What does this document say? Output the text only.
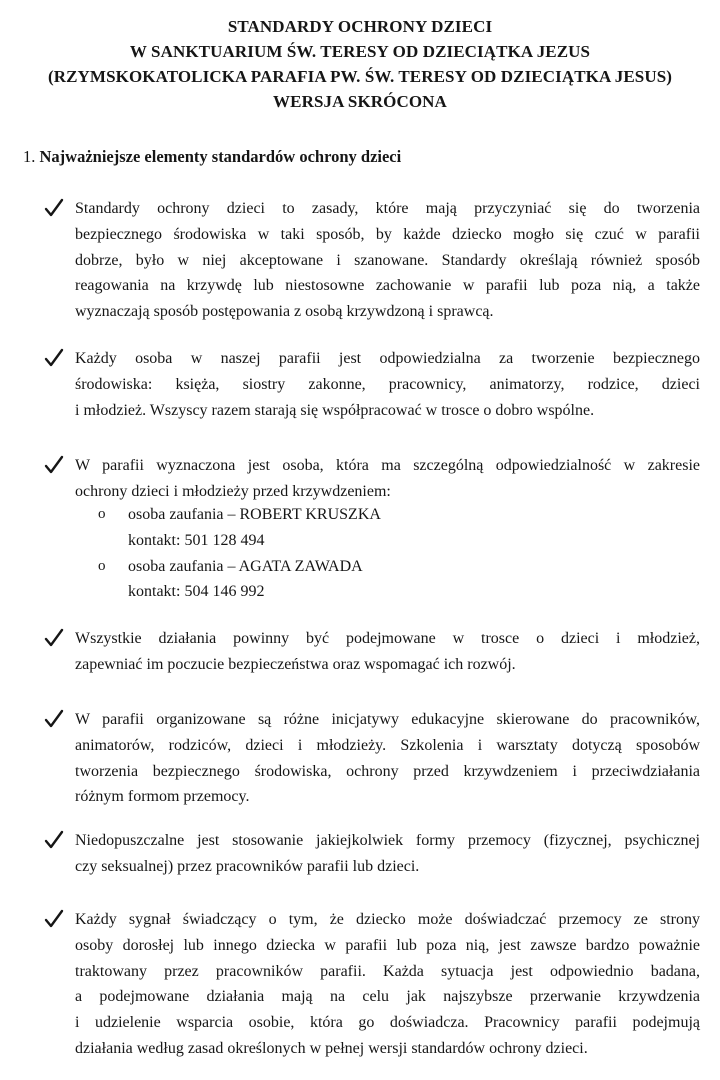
STANDARDY OCHRONY DZIECI
W SANKTUARIUM ŚW. TERESY OD DZIECIĄTKA JEZUS
(RZYMSKOKATOLICKA PARAFIA PW. ŚW. TERESY OD DZIECIĄTKA JESUS)
WERSJA SKRÓCONA
1. Najważniejsze elementy standardów ochrony dzieci
Standardy ochrony dzieci to zasady, które mają przyczyniać się do tworzenia
bezpiecznego środowiska w taki sposób, by każde dziecko mogło się czuć w parafii
dobrze, było w niej akceptowane i szanowane. Standardy określają również sposób
reagowania na krzywdę lub niestosowne zachowanie w parafii lub poza nią, a także
wyznaczają sposób postępowania z osobą krzywdzoną i sprawcą.
Każdy osoba w naszej parafii jest odpowiedzialna za tworzenie bezpiecznego
środowiska: księża, siostry zakonne, pracownicy, animatorzy, rodzice, dzieci
i młodzież. Wszyscy razem starają się współpracować w trosce o dobro wspólne.
W parafii wyznaczona jest osoba, która ma szczególną odpowiedzialność w zakresie
ochrony dzieci i młodzieży przed krzywdzeniem:
o osoba zaufania – ROBERT KRUSZKA
kontakt: 501 128 494
o osoba zaufania – AGATA ZAWADA
kontakt: 504 146 992
Wszystkie działania powinny być podejmowane w trosce o dzieci i młodzież,
zapewniać im poczucie bezpieczeństwa oraz wspomagać ich rozwój.
W parafii organizowane są różne inicjatywy edukacyjne skierowane do pracowników,
animatorów, rodziców, dzieci i młodzieży. Szkolenia i warsztaty dotyczą sposobów
tworzenia bezpiecznego środowiska, ochrony przed krzywdzeniem i przeciwdziałania
różnym formom przemocy.
Niedopuszczalne jest stosowanie jakiejkolwiek formy przemocy (fizycznej, psychicznej
czy seksualnej) przez pracowników parafii lub dzieci.
Każdy sygnał świadczący o tym, że dziecko może doświadczać przemocy ze strony
osoby dorosłej lub innego dziecka w parafii lub poza nią, jest zawsze bardzo poważnie
traktowany przez pracowników parafii. Każda sytuacja jest odpowiednio badana,
a podejmowane działania mają na celu jak najszybsze przerwanie krzywdzenia
i udzielenie wsparcia osobie, która go doświadcza. Pracownicy parafii podejmują
działania według zasad określonych w pełnej wersji standardów ochrony dzieci.
